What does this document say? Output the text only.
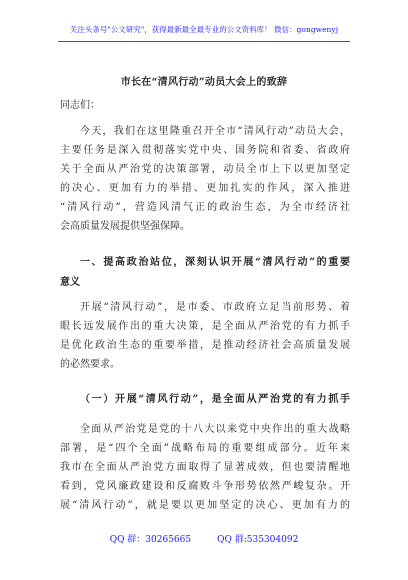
关注头条号"公文研究"，获得最新最全最专业的公文资料库！ 微信：gongwenyj
市长在“清风行动”动员大会上的致辞
同志们：
今天，我们在这里隆重召开全市“清风行动”动员大会，
主要任务是深入贯彻落实党中央、国务院和省委、省政府
关于全面从严治党的决策部署，动员全市上下以更加坚定
的决心、更加有力的举措、更加扎实的作风，深入推进
“清风行动”，营造风清气正的政治生态，为全市经济社
会高质量发展提供坚强保障。
一、提高政治站位，深刻认识开展“清风行动”的重要
意义
开展“清风行动”，是市委、市政府立足当前形势、着
眼长远发展作出的重大决策，是全面从严治党的有力抓手
是优化政治生态的重要举措，是推动经济社会高质量发展
的必然要求。
（一）开展“清风行动”，是全面从严治党的有力抓手
全面从严治党是党的十八大以来党中央作出的重大战略
部署，是“四个全面”战略布局的重要组成部分。近年来
我市在全面从严治党方面取得了显著成效，但也要清醒地
看到，党风廉政建设和反腐败斗争形势依然严峻复杂。开
展“清风行动”，就是要以更加坚定的决心、更加有力的
QQ 群：30265665	QQ 群:535304092
